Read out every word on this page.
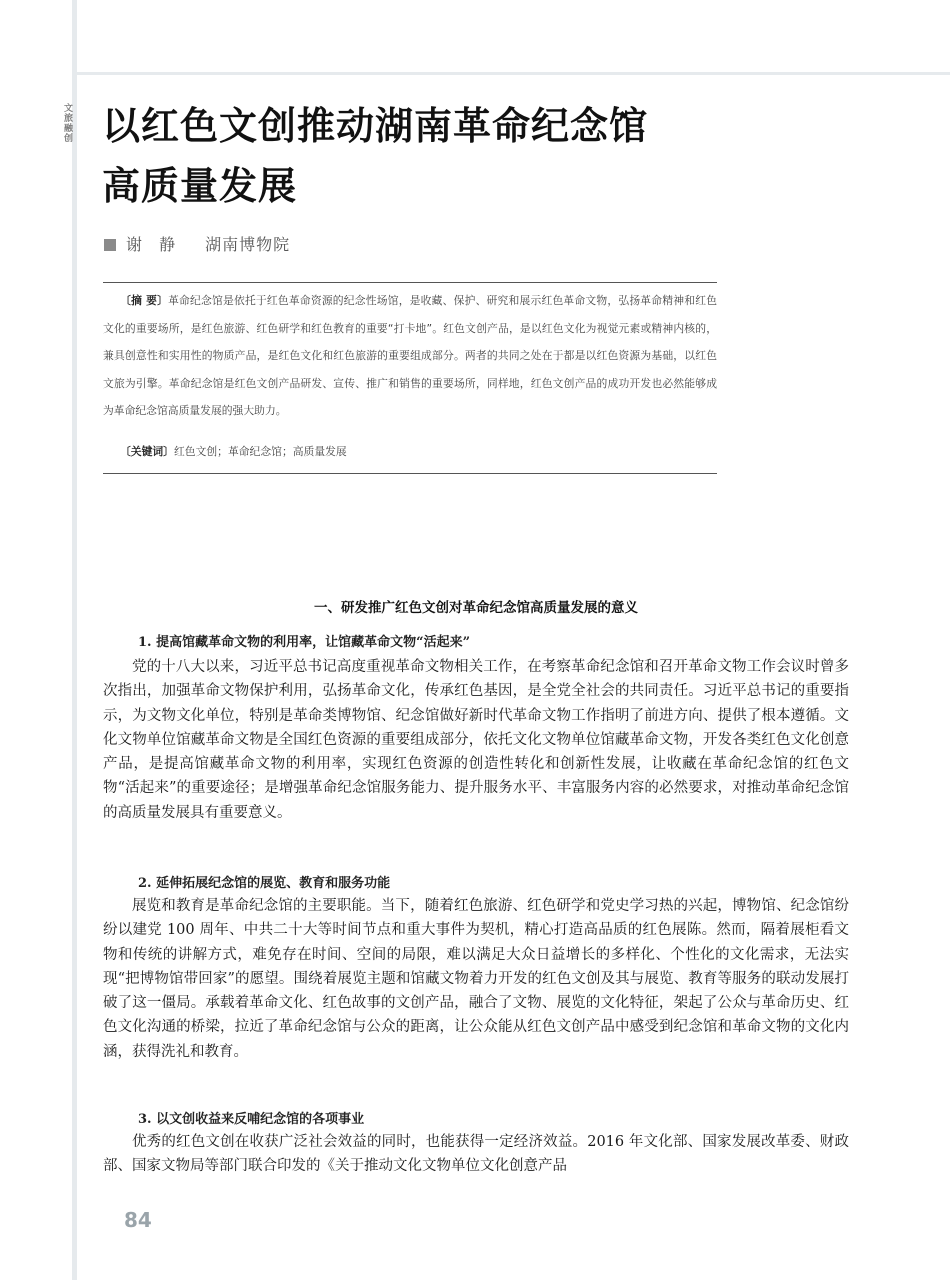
文
旅
融
创 以红色文创推动湖南革命纪念馆
高质量发展
谢 静 湖南博物院
〔摘 要〕革命纪念馆是依托于红色革命资源的纪念性场馆，是收藏、保护、研究和展示红色革命文物，弘扬革命精神和红色文化的重要场所，是红色旅游、红色研学和红色教育的重要“打卡地”。红色文创产品，是以红色文化为视觉元素或精神内核的，兼具创意性和实用性的物质产品，是红色文化和红色旅游的重要组成部分。两者的共同之处在于都是以红色资源为基础，以红色文旅为引擎。革命纪念馆是红色文创产品研发、宣传、推广和销售的重要场所，同样地，红色文创产品的成功开发也必然能够成为革命纪念馆高质量发展的强大助力。
〔关键词〕红色文创；革命纪念馆；高质量发展
一、研发推广红色文创对革命纪念馆高质量发展的意义
1. 提高馆藏革命文物的利用率，让馆藏革命文物“活起来”

党的十八大以来，习近平总书记高度重视革命文物相关工作，在考察革命纪念馆和召开革命文物工作会议时曾多次指出，加强革命文物保护利用，弘扬革命文化，传承红色基因，是全党全社会的共同责任。习近平总书记的重要指示，为文物文化单位，特别是革命类博物馆、纪念馆做好新时代革命文物工作指明了前进方向、提供了根本遵循。文化文物单位馆藏革命文物是全国红色资源的重要组成部分，依托文化文物单位馆藏革命文物，开发各类红色文化创意产品，是提高馆藏革命文物的利用率，实现红色资源的创造性转化和创新性发展，让收藏在革命纪念馆的红色文物“活起来”的重要途径；是增强革命纪念馆服务能力、提升服务水平、丰富服务内容的必然要求，对推动革命纪念馆的高质量发展具有重要意义。

2. 延伸拓展纪念馆的展览、教育和服务功能

展览和教育是革命纪念馆的主要职能。当下，随着红色旅游、红色研学和党史学习热的兴起，博物馆、纪念馆纷纷以建党 100 周年、中共二十大等时间节点和重大事件为契机，精心打造高品质的红色展陈。然而，隔着展柜看文物和传统的讲解方式，难免存在时间、空间的局限，难以满足大众日益增长的多样化、个性化的文化需求，无法实现“把博物馆带回家”的愿望。围绕着展览主题和馆藏文物着力开发的红色文创及其与展览、教育等服务的联动发展打破了这一僵局。承载着革命文化、红色故事的文创产品，融合了文物、展览的文化特征，架起了公众与革命历史、红色文化沟通的桥梁，拉近了革命纪念馆与公众的距离，让公众能从红色文创产品中感受到纪念馆和革命文物的文化内涵，获得洗礼和教育。

3. 以文创收益来反哺纪念馆的各项事业

优秀的红色文创在收获广泛社会效益的同时，也能获得一定经济效益。2016 年文化部、国家发展改革委、财政部、国家文物局等部门联合印发的《关于推动文化文物单位文化创意产品

84
